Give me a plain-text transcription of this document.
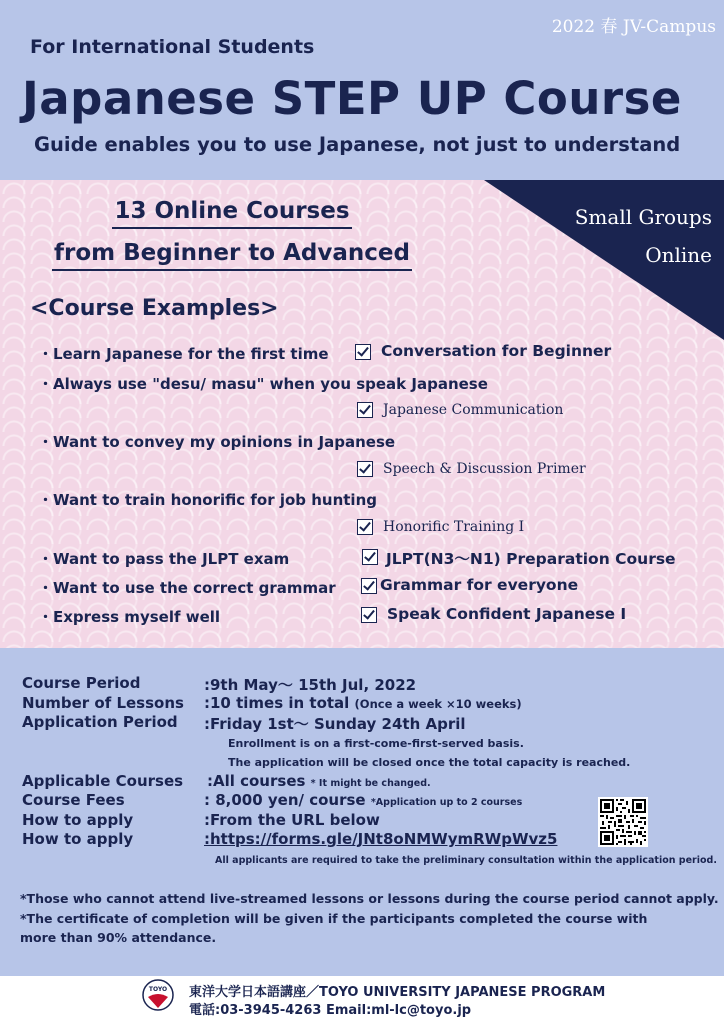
2022 春 JV-Campus
For International Students
Japanese STEP UP Course
Guide enables you to use Japanese, not just to understand
Small Groups
Online
13 Online Courses
from Beginner to Advanced
<Course Examples>
・Learn Japanese for the first time	Conversation for Beginner
・Always use "desu/ masu" when you speak Japanese
Japanese Communication
・Want to convey my opinions in Japanese
Speech & Discussion Primer
・Want to train honorific for job hunting
Honorific Training Ⅰ
・Want to pass the JLPT exam	JLPT(N3～N1) Preparation Course
・Want to use the correct grammar	Grammar for everyone
・Express myself well	Speak Confident Japanese Ⅰ
Course Period	:9th May～ 15th Jul, 2022
Number of Lessons :10 times in total (Once a week ×10 weeks)
Application Period :Friday 1st～ Sunday 24th April
Enrollment is on a first-come-first-served basis.
The application will be closed once the total capacity is reached.
Applicable Courses :All courses * It might be changed.
Course Fees	: 8,000 yen/ course *Application up to 2 courses
How to apply	:From the URL below
How to apply	:https://forms.gle/JNt8oNMWymRWpWvz5
All applicants are required to take the preliminary consultation within the application period.
*Those who cannot attend live-streamed lessons or lessons during the course period cannot apply.
*The certificate of completion will be given if the participants completed the course with
more than 90% attendance.
TOYO 東洋大学日本語講座／TOYO UNIVERSITY JAPANESE PROGRAM
電話:03-3945-4263 Email:ml-lc@toyo.jp
